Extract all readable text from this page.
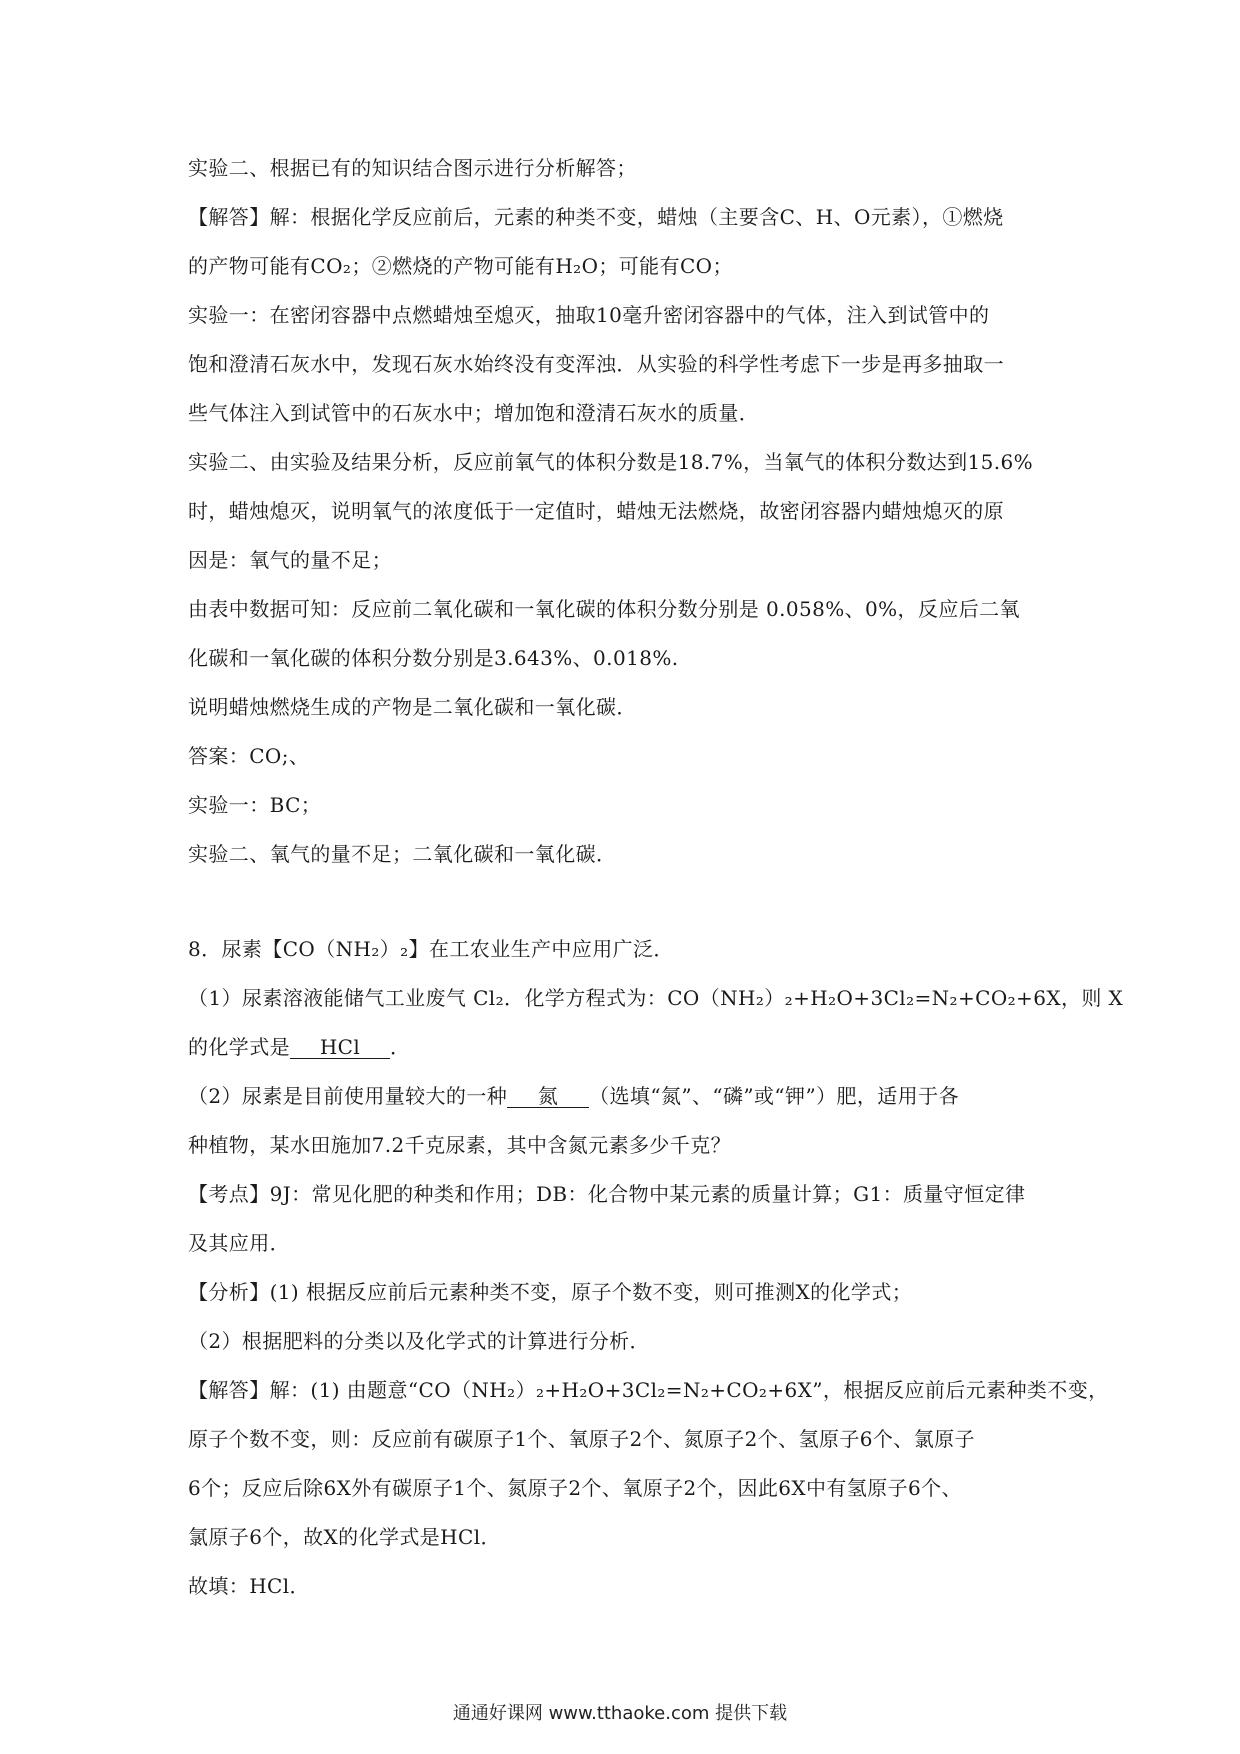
实验二、根据已有的知识结合图示进行分析解答；
【解答】解：根据化学反应前后，元素的种类不变，蜡烛（主要含C、H、O元素），①燃烧
的产物可能有CO₂；②燃烧的产物可能有H₂O；可能有CO；
实验一：在密闭容器中点燃蜡烛至熄灭，抽取10毫升密闭容器中的气体，注入到试管中的
饱和澄清石灰水中，发现石灰水始终没有变浑浊．从实验的科学性考虑下一步是再多抽取一
些气体注入到试管中的石灰水中；增加饱和澄清石灰水的质量．
实验二、由实验及结果分析，反应前氧气的体积分数是18.7%，当氧气的体积分数达到15.6%
时，蜡烛熄灭，说明氧气的浓度低于一定值时，蜡烛无法燃烧，故密闭容器内蜡烛熄灭的原
因是：氧气的量不足；
由表中数据可知：反应前二氧化碳和一氧化碳的体积分数分别是 0.058%、0%，反应后二氧
化碳和一氧化碳的体积分数分别是3.643%、0.018%.
说明蜡烛燃烧生成的产物是二氧化碳和一氧化碳．
答案：CO;、
实验一：BC；
实验二、氧气的量不足；二氧化碳和一氧化碳．
8．尿素【CO（NH₂）₂】在工农业生产中应用广泛．
（1）尿素溶液能储气工业废气 Cl₂．化学方程式为：CO（NH₂）₂+H₂O+3Cl₂=N₂+CO₂+6X，则 X
的化学式是 HCl ．
（2）尿素是目前使用量较大的一种 氮 （选填“氮”、“磷”或“钾”）肥，适用于各
种植物，某水田施加7.2千克尿素，其中含氮元素多少千克？
【考点】9J：常见化肥的种类和作用；DB：化合物中某元素的质量计算；G1：质量守恒定律
及其应用．
【分析】(1) 根据反应前后元素种类不变，原子个数不变，则可推测X的化学式；
（2）根据肥料的分类以及化学式的计算进行分析．
【解答】解：(1) 由题意“CO（NH₂）₂+H₂O+3Cl₂=N₂+CO₂+6X”，根据反应前后元素种类不变，
原子个数不变，则：反应前有碳原子1个、氧原子2个、氮原子2个、氢原子6个、氯原子
6个；反应后除6X外有碳原子1个、氮原子2个、氧原子2个，因此6X中有氢原子6个、
氯原子6个，故X的化学式是HCl．
故填：HCl．
通通好课网 www.tthaoke.com 提供下载
